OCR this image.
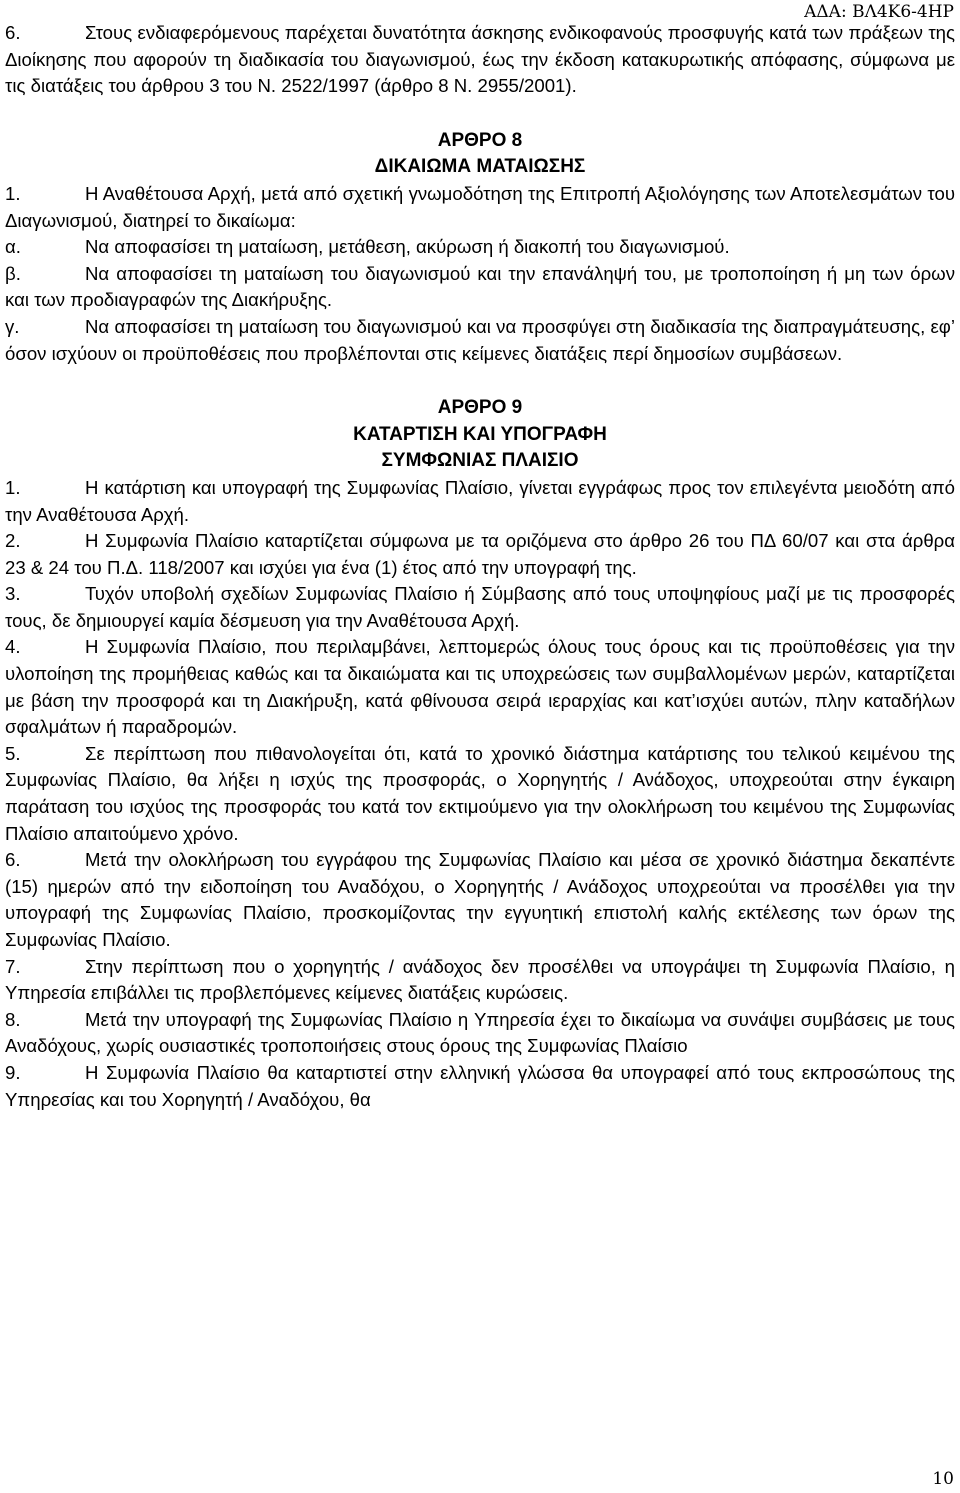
ΑΔΑ: ΒΛ4Κ6-4ΗΡ

6.	Στους ενδιαφερόμενους παρέχεται δυνατότητα άσκησης ενδικοφανούς προσφυγής κατά των πράξεων της Διοίκησης που αφορούν τη διαδικασία του διαγωνισμού, έως την έκδοση κατακυρωτικής απόφασης, σύμφωνα με τις διατάξεις του άρθρου 3 του Ν. 2522/1997 (άρθρο 8 Ν. 2955/2001).

ΑΡΘΡΟ 8

ΔΙΚΑΙΩΜΑ ΜΑΤΑΙΩΣΗΣ

1.	Η Αναθέτουσα Αρχή, μετά από σχετική γνωμοδότηση της Επιτροπή Αξιολόγησης των Αποτελεσμάτων του Διαγωνισμού, διατηρεί το δικαίωμα:

α.	Να αποφασίσει τη ματαίωση, μετάθεση, ακύρωση ή διακοπή του διαγωνισμού.

β.	Να αποφασίσει τη ματαίωση του διαγωνισμού και την επανάληψή του, με τροποποίηση ή μη των όρων και των προδιαγραφών της Διακήρυξης.

γ.	Να αποφασίσει τη ματαίωση του διαγωνισμού και να προσφύγει στη διαδικασία της διαπραγμάτευσης, εφ’ όσον ισχύουν οι προϋποθέσεις που προβλέπονται στις κείμενες διατάξεις περί δημοσίων συμβάσεων.

ΑΡΘΡΟ 9

ΚΑΤΑΡΤΙΣΗ ΚΑΙ ΥΠΟΓΡΑΦΗ

ΣΥΜΦΩΝΙΑΣ ΠΛΑΙΣΙΟ

1.	Η κατάρτιση και υπογραφή της Συμφωνίας Πλαίσιο, γίνεται εγγράφως προς τον επιλεγέντα μειοδότη από την Αναθέτουσα Αρχή.

2.	Η Συμφωνία Πλαίσιο καταρτίζεται σύμφωνα με τα οριζόμενα στο άρθρο 26 του ΠΔ 60/07 και στα άρθρα 23 & 24 του Π.Δ. 118/2007 και ισχύει για ένα (1) έτος από την υπογραφή της.

3.	Τυχόν υποβολή σχεδίων Συμφωνίας Πλαίσιο ή Σύμβασης από τους υποψηφίους μαζί με τις προσφορές τους, δε δημιουργεί καμία δέσμευση για την Αναθέτουσα Αρχή.

4.	Η Συμφωνία Πλαίσιο, που περιλαμβάνει, λεπτομερώς όλους τους όρους και τις προϋποθέσεις για την υλοποίηση της προμήθειας καθώς και τα δικαιώματα και τις υποχρεώσεις των συμβαλλομένων μερών, καταρτίζεται με βάση την προσφορά και τη Διακήρυξη, κατά φθίνουσα σειρά ιεραρχίας και κατ’ισχύει αυτών, πλην καταδήλων σφαλμάτων ή παραδρομών.

5.	Σε περίπτωση που πιθανολογείται ότι, κατά το χρονικό διάστημα κατάρτισης του τελικού κειμένου της Συμφωνίας Πλαίσιο, θα λήξει η ισχύς της προσφοράς, ο Χορηγητής / Ανάδοχος, υποχρεούται στην έγκαιρη παράταση του ισχύος της προσφοράς του κατά τον εκτιμούμενο για την ολοκλήρωση του κειμένου της Συμφωνίας Πλαίσιο απαιτούμενο χρόνο.

6.	Μετά την ολοκλήρωση του εγγράφου της Συμφωνίας Πλαίσιο και μέσα σε χρονικό διάστημα δεκαπέντε (15) ημερών από την ειδοποίηση του Αναδόχου, ο Χορηγητής / Ανάδοχος υποχρεούται να προσέλθει για την υπογραφή της Συμφωνίας Πλαίσιο, προσκομίζοντας την εγγυητική επιστολή καλής εκτέλεσης των όρων της Συμφωνίας Πλαίσιο.

7.	Στην περίπτωση που ο χορηγητής / ανάδοχος δεν προσέλθει να υπογράψει τη Συμφωνία Πλαίσιο, η Υπηρεσία επιβάλλει τις προβλεπόμενες κείμενες διατάξεις κυρώσεις.

8.	Μετά την υπογραφή της Συμφωνίας Πλαίσιο η Υπηρεσία έχει το δικαίωμα να συνάψει συμβάσεις με τους Αναδόχους, χωρίς ουσιαστικές τροποποιήσεις στους όρους της Συμφωνίας Πλαίσιο

9.	Η Συμφωνία Πλαίσιο θα καταρτιστεί στην ελληνική γλώσσα θα υπογραφεί από τους εκπροσώπους της Υπηρεσίας και του Χορηγητή / Αναδόχου, θα

10
